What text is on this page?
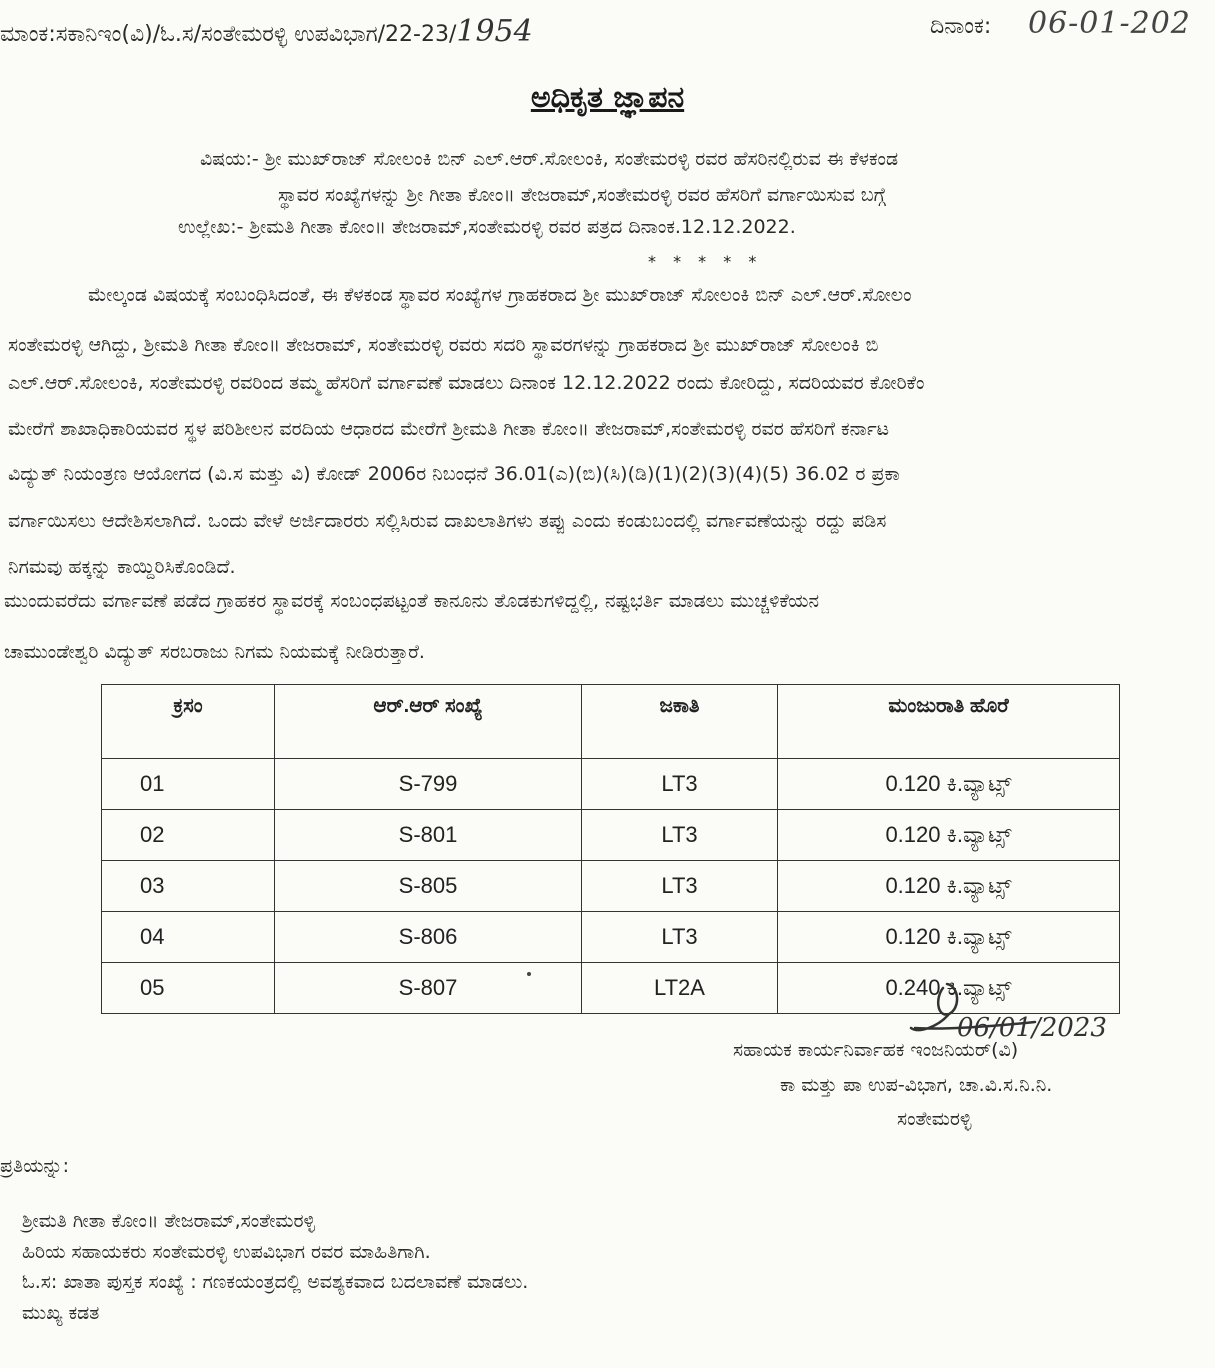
ಮಾಂಕ:ಸಕಾನಿಇಂ(ವಿ)/ಓ.ಸ/ಸಂತೇಮರಳ್ಳಿ ಉಪವಿಭಾಗ/22-23/1954	ದಿನಾಂಕ: 06-01-202
ಅಧಿಕೃತ ಜ್ಞಾಪನ
ವಿಷಯ:- ಶ್ರೀ ಮುಖ್‌ರಾಜ್ ಸೋಲಂಕಿ ಬಿನ್ ಎಲ್.ಆರ್.ಸೋಲಂಕಿ, ಸಂತೇಮರಳ್ಳಿ ರವರ ಹೆಸರಿನಲ್ಲಿರುವ ಈ ಕೆಳಕಂಡ
ಸ್ಥಾವರ ಸಂಖ್ಯೆಗಳನ್ನು ಶ್ರೀ ಗೀತಾ ಕೋಂ॥ ತೇಜರಾಮ್,ಸಂತೇಮರಳ್ಳಿ ರವರ ಹೆಸರಿಗೆ ವರ್ಗಾಯಿಸುವ ಬಗ್ಗೆ
ಉಲ್ಲೇಖ:- ಶ್ರೀಮತಿ ಗೀತಾ ಕೋಂ॥ ತೇಜರಾಮ್,ಸಂತೇಮರಳ್ಳಿ ರವರ ಪತ್ರದ ದಿನಾಂಕ.12.12.2022.
* * * * *
ಮೇಲ್ಕಂಡ ವಿಷಯಕ್ಕೆ ಸಂಬಂಧಿಸಿದಂತೆ, ಈ ಕೆಳಕಂಡ ಸ್ಥಾವರ ಸಂಖ್ಯೆಗಳ ಗ್ರಾಹಕರಾದ ಶ್ರೀ ಮುಖ್‌ರಾಜ್ ಸೋಲಂಕಿ ಬಿನ್ ಎಲ್.ಆರ್.ಸೋಲಂ
ಸಂತೇಮರಳ್ಳಿ ಆಗಿದ್ದು, ಶ್ರೀಮತಿ ಗೀತಾ ಕೋಂ॥ ತೇಜರಾಮ್, ಸಂತೇಮರಳ್ಳಿ ರವರು ಸದರಿ ಸ್ಥಾವರಗಳನ್ನು ಗ್ರಾಹಕರಾದ ಶ್ರೀ ಮುಖ್‌ರಾಜ್ ಸೋಲಂಕಿ ಬಿ
ಎಲ್.ಆರ್.ಸೋಲಂಕಿ, ಸಂತೇಮರಳ್ಳಿ ರವರಿಂದ ತಮ್ಮ ಹೆಸರಿಗೆ ವರ್ಗಾವಣೆ ಮಾಡಲು ದಿನಾಂಕ 12.12.2022 ರಂದು ಕೋರಿದ್ದು, ಸದರಿಯವರ ಕೋರಿಕೆಂ
ಮೇರೆಗೆ ಶಾಖಾಧಿಕಾರಿಯವರ ಸ್ಥಳ ಪರಿಶೀಲನ ವರದಿಯ ಆಧಾರದ ಮೇರೆಗೆ ಶ್ರೀಮತಿ ಗೀತಾ ಕೋಂ॥ ತೇಜರಾಮ್,ಸಂತೇಮರಳ್ಳಿ ರವರ ಹೆಸರಿಗೆ ಕರ್ನಾಟ
ವಿದ್ಯುತ್ ನಿಯಂತ್ರಣ ಆಯೋಗದ (ವಿ.ಸ ಮತ್ತು ವಿ) ಕೋಡ್ 2006ರ ನಿಬಂಧನೆ 36.01(ಎ)(ಬಿ)(ಸಿ)(ಡಿ)(1)(2)(3)(4)(5) 36.02 ರ ಪ್ರಕಾ
ವರ್ಗಾಯಿಸಲು ಆದೇಶಿಸಲಾಗಿದೆ. ಒಂದು ವೇಳೆ ಅರ್ಜಿದಾರರು ಸಲ್ಲಿಸಿರುವ ದಾಖಲಾತಿಗಳು ತಪ್ಪು ಎಂದು ಕಂಡುಬಂದಲ್ಲಿ ವರ್ಗಾವಣೆಯನ್ನು ರದ್ದು ಪಡಿಸ
ನಿಗಮವು ಹಕ್ಕನ್ನು ಕಾಯ್ದಿರಿಸಿಕೊಂಡಿದೆ.
ಮುಂದುವರೆದು ವರ್ಗಾವಣೆ ಪಡೆದ ಗ್ರಾಹಕರ ಸ್ಥಾವರಕ್ಕೆ ಸಂಬಂಧಪಟ್ಟಂತೆ ಕಾನೂನು ತೊಡಕುಗಳಿದ್ದಲ್ಲಿ, ನಷ್ಟಭರ್ತಿ ಮಾಡಲು ಮುಚ್ಚಳಿಕೆಯನ
ಚಾಮುಂಡೇಶ್ವರಿ ವಿದ್ಯುತ್ ಸರಬರಾಜು ನಿಗಮ ನಿಯಮಕ್ಕೆ ನೀಡಿರುತ್ತಾರೆ.
ಕ್ರಸಂ	ಆರ್.ಆರ್ ಸಂಖ್ಯೆ	ಜಕಾತಿ	ಮಂಜುರಾತಿ ಹೊರೆ
01	S-799	LT3	0.120 ಕಿ.ವ್ಯಾಟ್ಸ್
02	S-801	LT3	0.120 ಕಿ.ವ್ಯಾಟ್ಸ್
03	S-805	LT3	0.120 ಕಿ.ವ್ಯಾಟ್ಸ್
04	S-806	LT3	0.120 ಕಿ.ವ್ಯಾಟ್ಸ್
05	S-807	LT2A	0.240 ಕಿ.ವ್ಯಾಟ್ಸ್
06/01/2023
ಸಹಾಯಕ ಕಾರ್ಯನಿರ್ವಾಹಕ ಇಂಜನಿಯರ್(ವಿ)
ಕಾ ಮತ್ತು ಪಾ ಉಪ-ವಿಭಾಗ, ಚಾ.ವಿ.ಸ.ನಿ.ನಿ.
ಸಂತೇಮರಳ್ಳಿ
ಪ್ರತಿಯನ್ನು:
ಶ್ರೀಮತಿ ಗೀತಾ ಕೋಂ॥ ತೇಜರಾಮ್,ಸಂತೇಮರಳ್ಳಿ
ಹಿರಿಯ ಸಹಾಯಕರು ಸಂತೇಮರಳ್ಳಿ ಉಪವಿಭಾಗ ರವರ ಮಾಹಿತಿಗಾಗಿ.
ಓ.ಸ: ಖಾತಾ ಪುಸ್ತಕ ಸಂಖ್ಯೆ : ಗಣಕಯಂತ್ರದಲ್ಲಿ ಅವಶ್ಯಕವಾದ ಬದಲಾವಣೆ ಮಾಡಲು.
ಮುಖ್ಯ ಕಡತ
